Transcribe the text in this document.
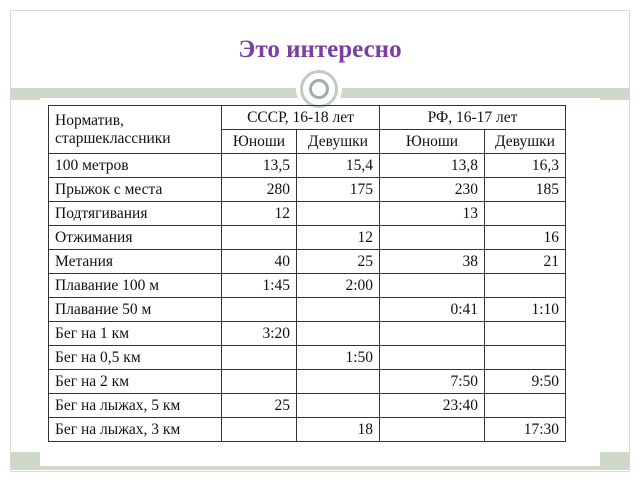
Это интересно
Норматив, старшеклассники	СССР, 16-18 лет		РФ, 16-17 лет	
	Юноши	Девушки	Юноши	Девушки
100 метров	13,5	15,4	13,8	16,3
Прыжок с места	280	175	230	185
Подтягивания	12		13	
Отжимания		12		16
Метания	40	25	38	21
Плавание 100 м	1:45	2:00		
Плавание 50 м			0:41	1:10
Бег на 1 км	3:20			
Бег на 0,5 км		1:50		
Бег на 2 км			7:50	9:50
Бег на лыжах, 5 км	25		23:40	
Бег на лыжах, 3 км		18		17:30
